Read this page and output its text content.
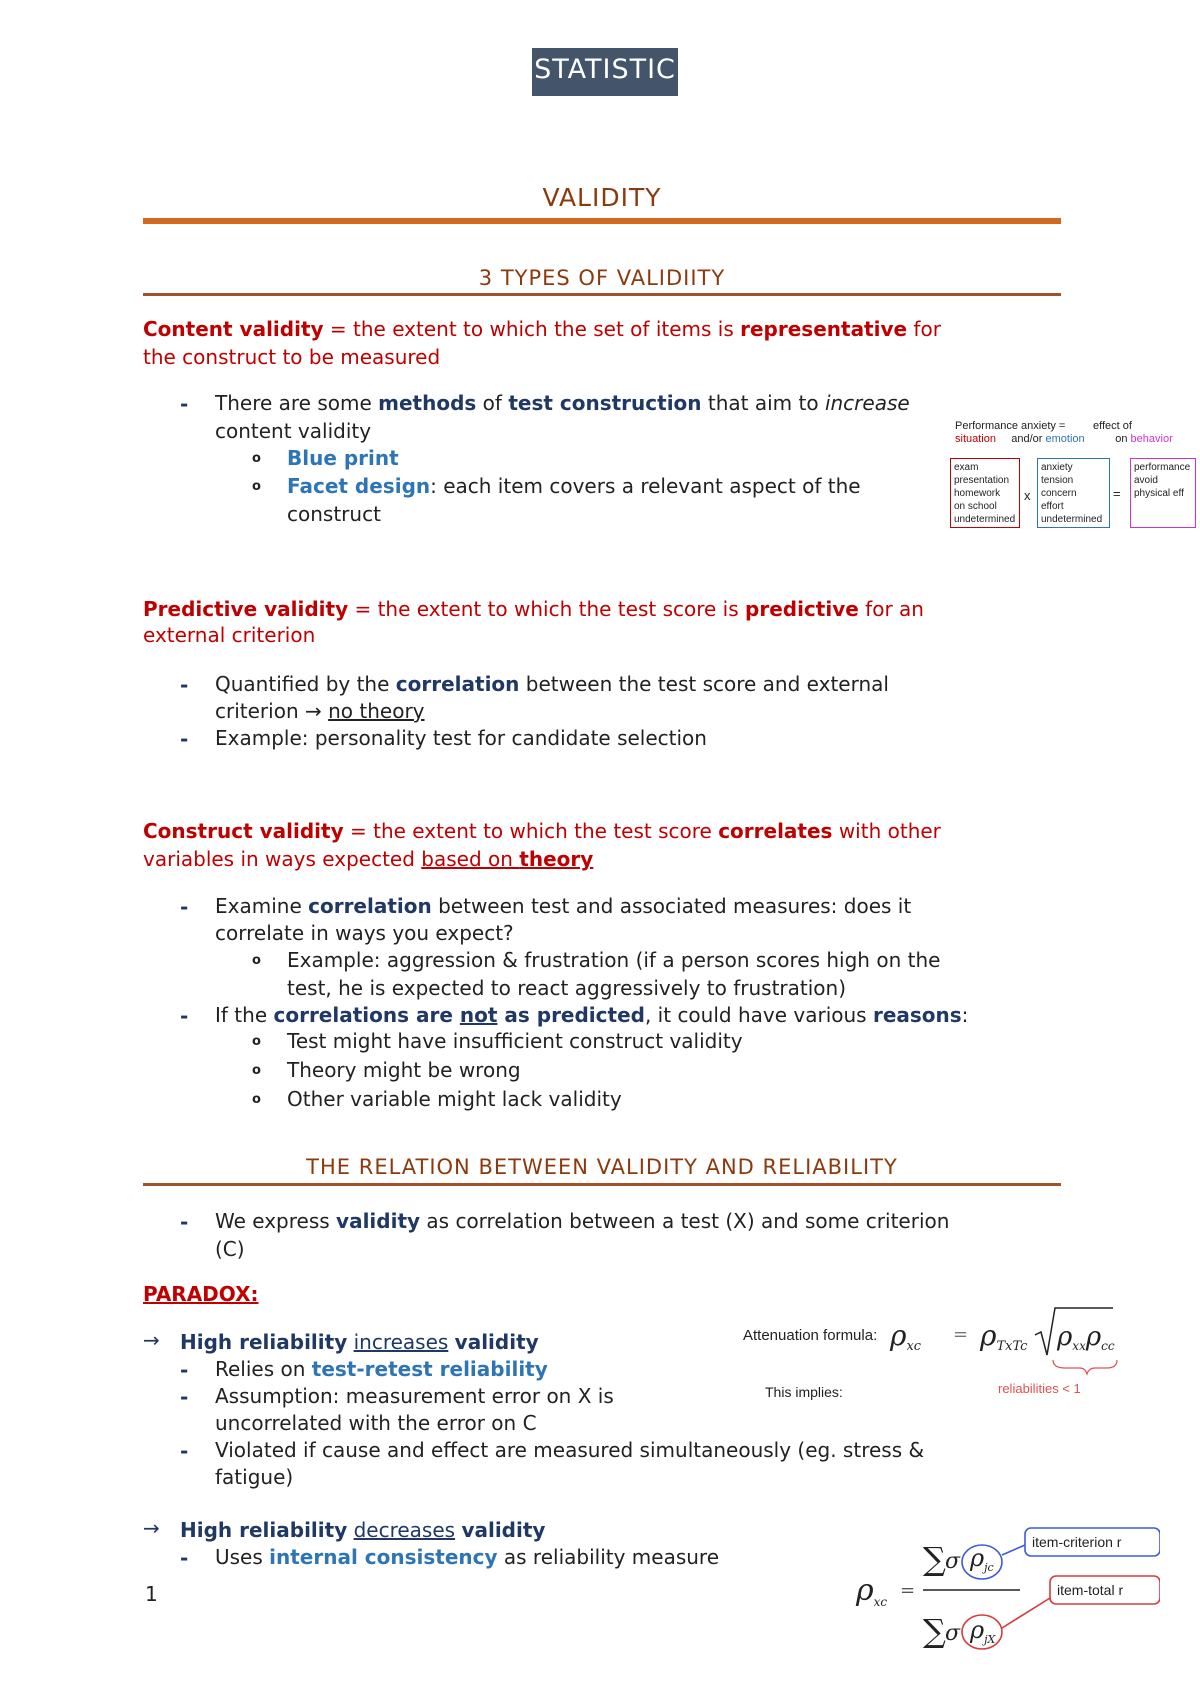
STATISTIC
VALIDITY
3 TYPES OF VALIDIITY
Content validity = the extent to which the set of items is representative for
the construct to be measured
- There are some methods of test construction that aim to increase
content validity
o Blue print
o Facet design: each item covers a relevant aspect of the
construct
Performance anxiety =	effect of
situation and/or emotion	on behavior
exam
presentation
homework
on school
undetermined
x
anxiety
tension
concern
effort
undetermined
=
performance
avoid
physical eff
Predictive validity = the extent to which the test score is predictive for an
external criterion
- Quantified by the correlation between the test score and external
criterion → no theory
- Example: personality test for candidate selection
Construct validity = the extent to which the test score correlates with other
variables in ways expected based on theory
- Examine correlation between test and associated measures: does it
correlate in ways you expect?
o Example: aggression & frustration (if a person scores high on the
test, he is expected to react aggressively to frustration)
- If the correlations are not as predicted, it could have various reasons:
o Test might have insufficient construct validity
o Theory might be wrong
o Other variable might lack validity
THE RELATION BETWEEN VALIDITY AND RELIABILITY
- We express validity as correlation between a test (X) and some criterion
(C)
PARADOX:
→ High reliability increases validity
- Relies on test-retest reliability
- Assumption: measurement error on X is
uncorrelated with the error on C
- Violated if cause and effect are measured simultaneously (eg. stress &
fatigue)
→ High reliability decreases validity
- Uses internal consistency as reliability measure
Attenuation formula: ρxc
= ρTxTc ρxxρcc
This implies:	reliabilities < 1
$\rho_{xc}$
=
∑ σ $\rho_{jc}$
∑ σ $\rho_{jX}$
item-criterion r
item-total r
1
